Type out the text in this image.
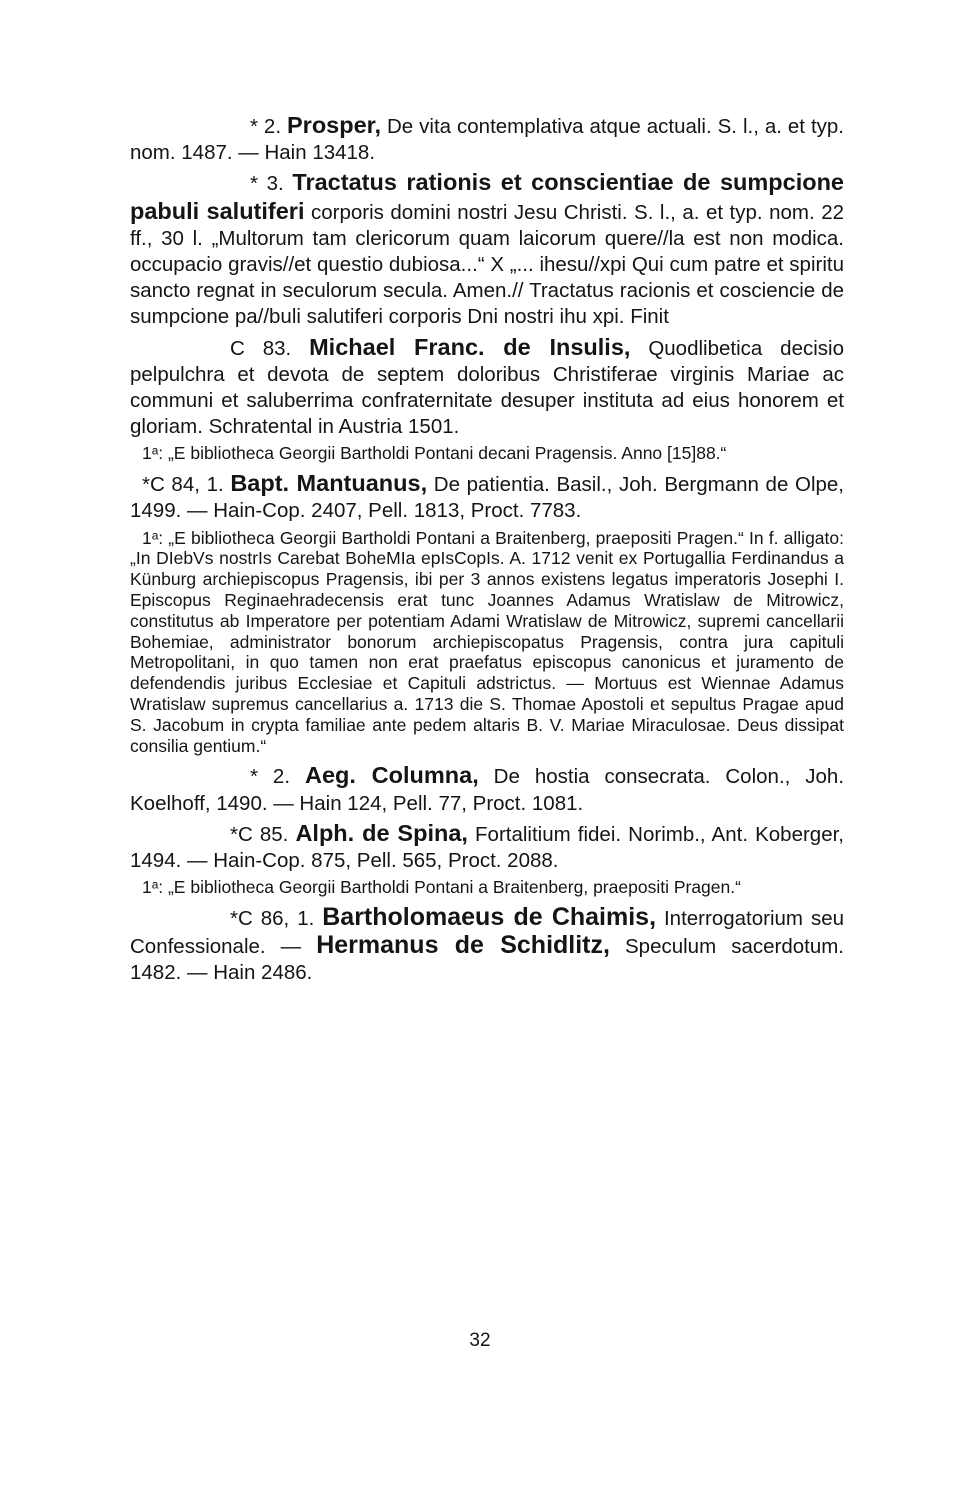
* 2. Prosper, De vita contemplativa atque actuali. S. l., a. et typ. nom. 1487. — Hain 13418.

* 3. Tractatus rationis et conscientiae de sumpcione pabuli salutiferi corporis domini nostri Jesu Christi. S. l., a. et typ. nom. 22 ff., 30 l. „Multorum tam clericorum quam laicorum quere//la est non modica. occupacio gravis//et questio dubiosa...“ X „... ihesu//xpi Qui cum patre et spiritu sancto regnat in seculorum secula. Amen.// Tractatus racionis et cosciencie de sumpcione pa//buli salutiferi corporis Dni nostri ihu xpi. Finit

C 83. Michael Franc. de Insulis, Quodlibetica decisio pelpulchra et devota de septem doloribus Christiferae virginis Mariae ac communi et saluberrima confraternitate desuper instituta ad eius honorem et gloriam. Schratental in Austria 1501.

1ᵃ: „E bibliotheca Georgii Bartholdi Pontani decani Pragensis. Anno [15]88.“

*C 84, 1. Bapt. Mantuanus, De patientia. Basil., Joh. Bergmann de Olpe, 1499. — Hain-Cop. 2407, Pell. 1813, Proct. 7783.

1ᵃ: „E bibliotheca Georgii Bartholdi Pontani a Braitenberg, praepositi Pragen.“ In f. alligato: „In DIebVs nostrIs Carebat BoheMIa epIsCopIs. A. 1712 venit ex Portugallia Ferdinandus a Künburg archiepiscopus Pragensis, ibi per 3 annos existens legatus imperatoris Josephi I. Episcopus Reginaehradecensis erat tunc Joannes Adamus Wratislaw de Mitrowicz, constitutus ab Imperatore per potentiam Adami Wratislaw de Mitrowicz, supremi cancellarii Bohemiae, administrator bonorum archiepiscopatus Pragensis, contra jura capituli Metropolitani, in quo tamen non erat praefatus episcopus canonicus et juramento de defendendis juribus Ecclesiae et Capituli adstrictus. — Mortuus est Wiennae Adamus Wratislaw supremus cancellarius a. 1713 die S. Thomae Apostoli et sepultus Pragae apud S. Jacobum in crypta familiae ante pedem altaris B. V. Mariae Miraculosae. Deus dissipat consilia gentium.“

* 2. Aeg. Columna, De hostia consecrata. Colon., Joh. Koelhoff, 1490. — Hain 124, Pell. 77, Proct. 1081.

*C 85. Alph. de Spina, Fortalitium fidei. Norimb., Ant. Koberger, 1494. — Hain-Cop. 875, Pell. 565, Proct. 2088.

1ᵃ: „E bibliotheca Georgii Bartholdi Pontani a Braitenberg, praepositi Pragen.“

*C 86, 1. Bartholomaeus de Chaimis, Interrogatorium seu Confessionale. — Hermanus de Schidlitz, Speculum sacerdotum. 1482. — Hain 2486.

32
